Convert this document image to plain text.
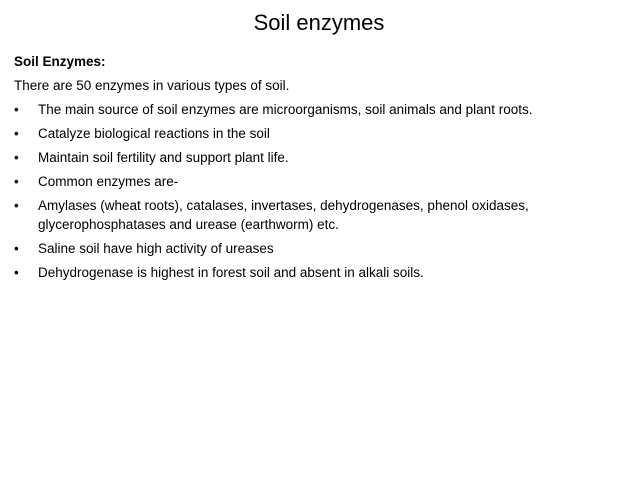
Soil enzymes
Soil Enzymes:
There are 50 enzymes in various types of soil.
•	The main source of soil enzymes are microorganisms, soil animals and plant roots.
•	Catalyze biological reactions in the soil
•	Maintain soil fertility and support plant life.
•	Common enzymes are-
•	Amylases (wheat roots), catalases, invertases, dehydrogenases, phenol oxidases, glycerophosphatases and urease (earthworm) etc.
•	Saline soil have high activity of ureases
•	Dehydrogenase is highest in forest soil and absent in alkali soils.
